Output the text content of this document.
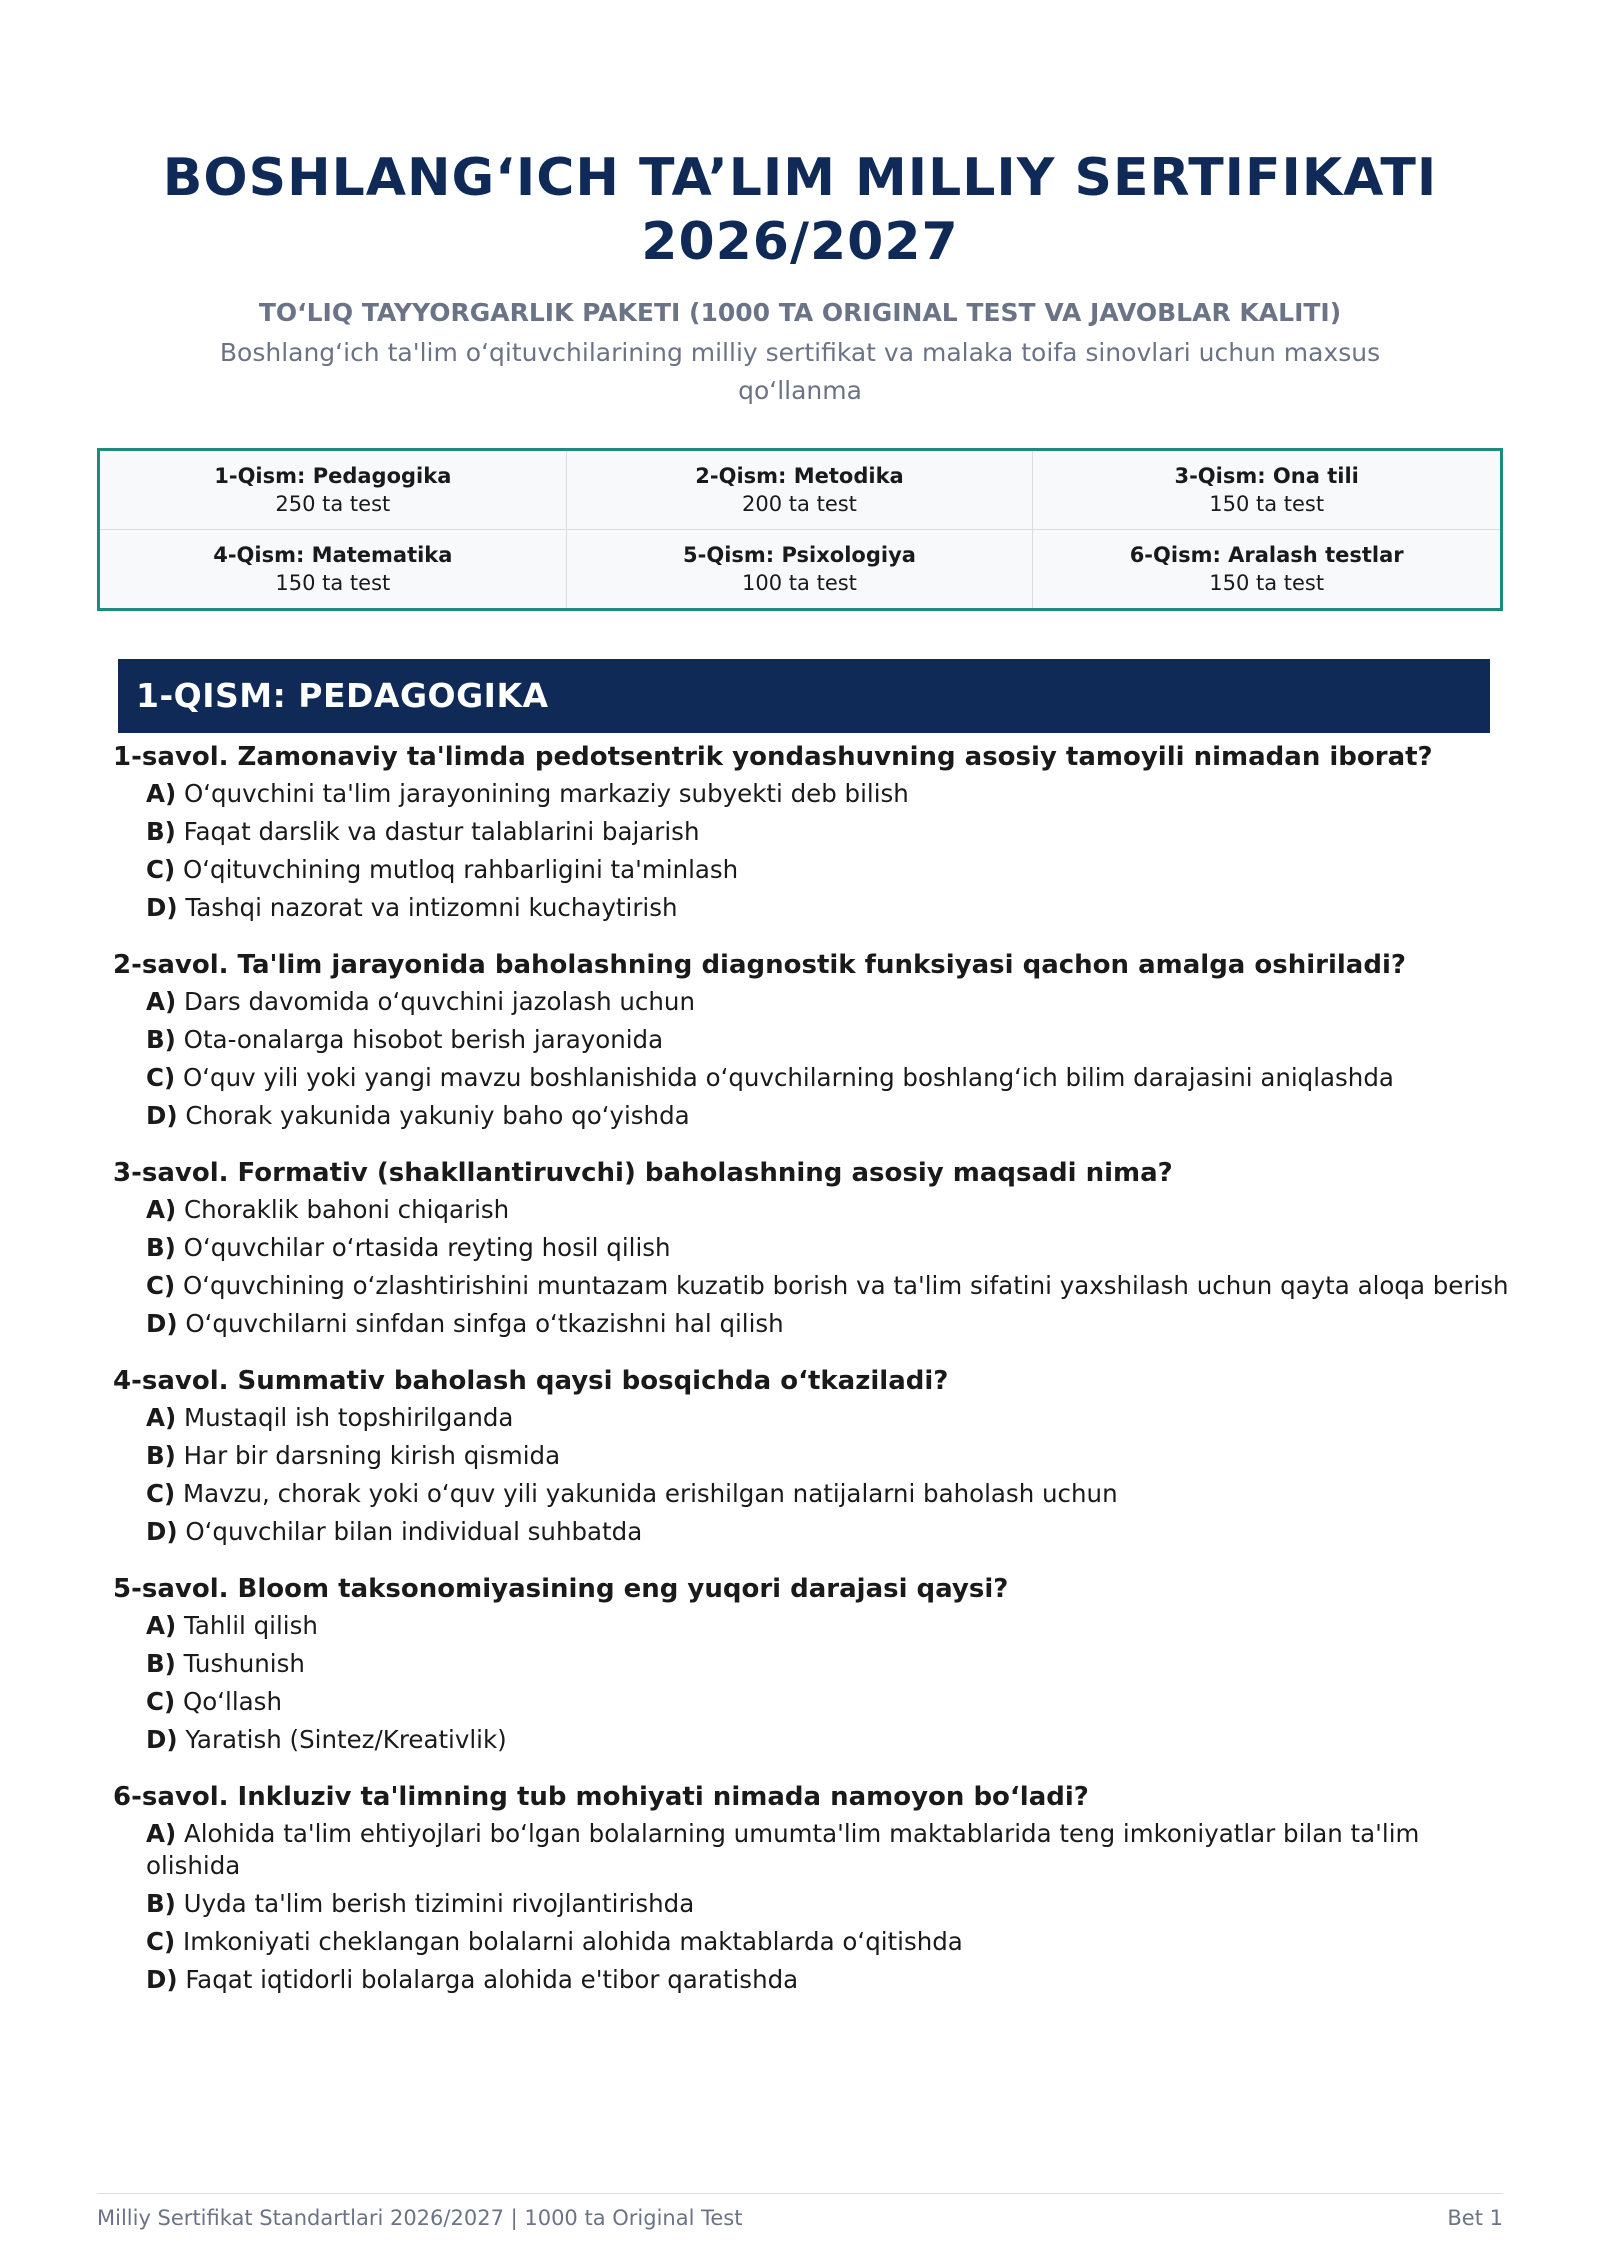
BOSHLANG‘ICH TA’LIM MILLIY SERTIFIKATI 2026/2027
TO‘LIQ TAYYORGARLIK PAKETI (1000 TA ORIGINAL TEST VA JAVOBLAR KALITI)
Boshlang‘ich ta'lim o‘qituvchilarining milliy sertifikat va malaka toifa sinovlari uchun maxsus qo‘llanma
1-Qism: Pedagogika
250 ta test
2-Qism: Metodika
200 ta test
3-Qism: Ona tili
150 ta test
4-Qism: Matematika
150 ta test
5-Qism: Psixologiya
100 ta test
6-Qism: Aralash testlar
150 ta test
1-QISM: PEDAGOGIKA
1-savol. Zamonaviy ta'limda pedotsentrik yondashuvning asosiy tamoyili nimadan iborat?
A) O‘quvchini ta'lim jarayonining markaziy subyekti deb bilish
B) Faqat darslik va dastur talablarini bajarish
C) O‘qituvchining mutloq rahbarligini ta'minlash
D) Tashqi nazorat va intizomni kuchaytirish
2-savol. Ta'lim jarayonida baholashning diagnostik funksiyasi qachon amalga oshiriladi?
A) Dars davomida o‘quvchini jazolash uchun
B) Ota-onalarga hisobot berish jarayonida
C) O‘quv yili yoki yangi mavzu boshlanishida o‘quvchilarning boshlang‘ich bilim darajasini aniqlashda
D) Chorak yakunida yakuniy baho qo‘yishda
3-savol. Formativ (shakllantiruvchi) baholashning asosiy maqsadi nima?
A) Choraklik bahoni chiqarish
B) O‘quvchilar o‘rtasida reyting hosil qilish
C) O‘quvchining o‘zlashtirishini muntazam kuzatib borish va ta'lim sifatini yaxshilash uchun qayta aloqa berish
D) O‘quvchilarni sinfdan sinfga o‘tkazishni hal qilish
4-savol. Summativ baholash qaysi bosqichda o‘tkaziladi?
A) Mustaqil ish topshirilganda
B) Har bir darsning kirish qismida
C) Mavzu, chorak yoki o‘quv yili yakunida erishilgan natijalarni baholash uchun
D) O‘quvchilar bilan individual suhbatda
5-savol. Bloom taksonomiyasining eng yuqori darajasi qaysi?
A) Tahlil qilish
B) Tushunish
C) Qo‘llash
D) Yaratish (Sintez/Kreativlik)
6-savol. Inkluziv ta'limning tub mohiyati nimada namoyon bo‘ladi?
A) Alohida ta'lim ehtiyojlari bo‘lgan bolalarning umumta'lim maktablarida teng imkoniyatlar bilan ta'lim olishida
B) Uyda ta'lim berish tizimini rivojlantirishda
C) Imkoniyati cheklangan bolalarni alohida maktablarda o‘qitishda
D) Faqat iqtidorli bolalarga alohida e'tibor qaratishda
Milliy Sertifikat Standartlari 2026/2027 | 1000 ta Original Test	Bet 1
